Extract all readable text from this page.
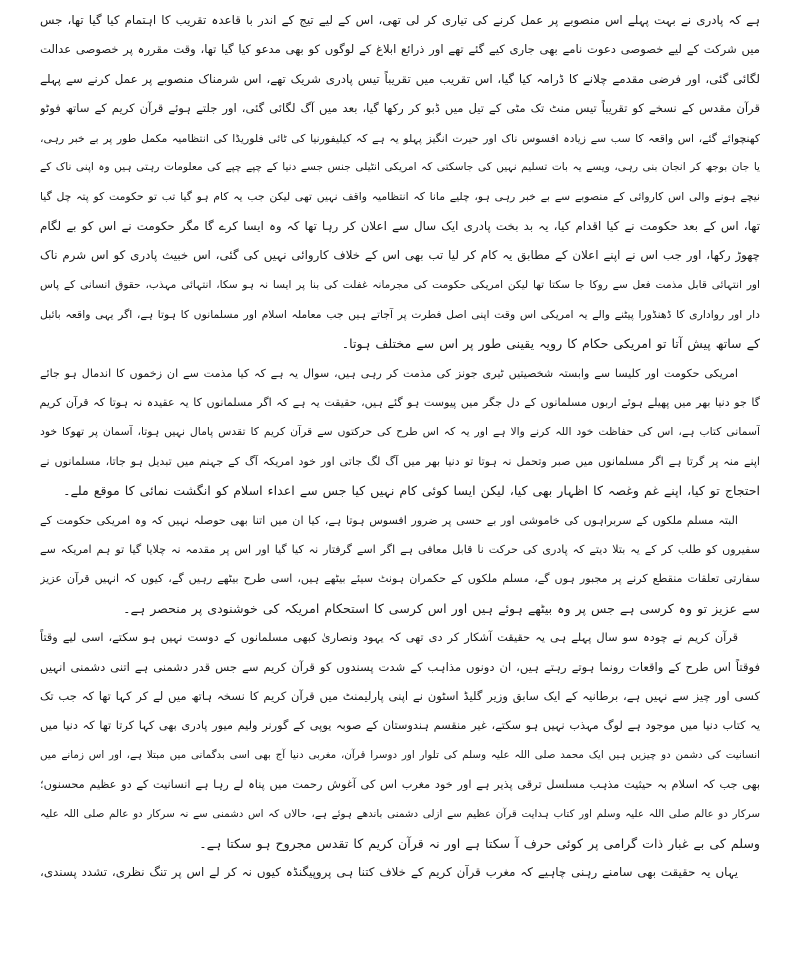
ہے کہ پادری نے بہت پہلے اس منصوبے پر عمل کرنے کی تیاری کر لی تھی، اس کے لیے تیج کے اندر با قاعدہ تقریب کا اہتمام کیا گیا تھا، جس
میں شرکت کے لیے خصوصی دعوت نامے بھی جاری کیے گئے تھے اور ذرائع ابلاغ کے لوگوں کو بھی مدعو کیا گیا تھا، وقت مقررہ پر خصوصی عدالت
لگائی گئی، اور فرضی مقدمے چلانے کا ڈرامہ کیا گیا، اس تقریب میں تقریباً تیس پادری شریک تھے، اس شرمناک منصوبے پر عمل کرنے سے پہلے
قرآن مقدس کے نسخے کو تقریباً تیس منٹ تک مٹی کے تیل میں ڈبو کر رکھا گیا، بعد میں آگ لگائی گئی، اور جلتے ہوئے قرآن کریم کے ساتھ فوٹو
کھنچوائے گئے، اس واقعہ کا سب سے زیادہ افسوس ناک اور حیرت انگیز پہلو یہ ہے کہ کیلیفورنیا کی ٹائی فلوریڈا کی انتظامیہ مکمل طور پر بے خبر رہی،
یا جان بوجھ کر انجان بنی رہی، ویسے یہ بات تسلیم نہیں کی جاسکتی کہ امریکی انٹیلی جنس جسے دنیا کے چپے چپے کی معلومات رہتی ہیں وہ اپنی ناک کے
نیچے ہونے والی اس کاروائی کے منصوبے سے بے خبر رہی ہو، چلیے مانا کہ انتظامیہ واقف نہیں تھی لیکن جب یہ کام ہو گیا تب تو حکومت کو پتہ چل گیا
تھا، اس کے بعد حکومت نے کیا اقدام کیا، یہ بد بخت پادری ایک سال سے اعلان کر رہا تھا کہ وہ ایسا کرے گا مگر حکومت نے اس کو بے لگام
چھوڑ رکھا، اور جب اس نے اپنے اعلان کے مطابق یہ کام کر لیا تب بھی اس کے خلاف کاروائی نہیں کی گئی، اس خبیث پادری کو اس شرم ناک
اور انتہائی قابل مذمت فعل سے روکا جا سکتا تھا لیکن امریکی حکومت کی مجرمانہ غفلت کی بنا پر ایسا نہ ہو سکا، انتہائی مہذب، حقوق انسانی کے پاس
دار اور رواداری کا ڈھنڈورا پیٹنے والے یہ امریکی اس وقت اپنی اصل فطرت پر آجاتے ہیں جب معاملہ اسلام اور مسلمانوں کا ہوتا ہے، اگر یہی واقعہ بائبل
کے ساتھ پیش آتا تو امریکی حکام کا رویہ یقینی طور پر اس سے مختلف ہوتا۔
امریکی حکومت اور کلیسا سے وابستہ شخصیتیں ٹیری جونز کی مذمت کر رہی ہیں، سوال یہ ہے کہ کیا مذمت سے ان زخموں کا اندمال ہو جائے
گا جو دنیا بھر میں پھیلے ہوئے اربوں مسلمانوں کے دل جگر میں پیوست ہو گئے ہیں، حقیقت یہ ہے کہ اگر مسلمانوں کا یہ عقیدہ نہ ہوتا کہ قرآن کریم
آسمانی کتاب ہے، اس کی حفاظت خود اللہ کرنے والا ہے اور یہ کہ اس طرح کی حرکتوں سے قرآن کریم کا تقدس پامال نہیں ہوتا، آسمان پر تھوکا خود
اپنے منہ پر گرتا ہے اگر مسلمانوں میں صبر وتحمل نہ ہوتا تو دنیا بھر میں آگ لگ جاتی اور خود امریکہ آگ کے جہنم میں تبدیل ہو جاتا، مسلمانوں نے
احتجاج تو کیا، اپنے غم وغصہ کا اظہار بھی کیا، لیکن ایسا کوئی کام نہیں کیا جس سے اعداء اسلام کو انگشت نمائی کا موقع ملے۔
البتہ مسلم ملکوں کے سربراہوں کی خاموشی اور بے حسی پر ضرور افسوس ہوتا ہے، کیا ان میں اتنا بھی حوصلہ نہیں کہ وہ امریکی حکومت کے
سفیروں کو طلب کر کے یہ بتلا دیتے کہ پادری کی حرکت نا قابل معافی ہے اگر اسے گرفتار نہ کیا گیا اور اس پر مقدمہ نہ چلایا گیا تو ہم امریکہ سے
سفارتی تعلقات منقطع کرنے پر مجبور ہوں گے، مسلم ملکوں کے حکمران ہونٹ سیئے بیٹھے ہیں، اسی طرح بیٹھے رہیں گے، کیوں کہ انہیں قرآن عزیز
سے عزیز تو وہ کرسی ہے جس پر وہ بیٹھے ہوئے ہیں اور اس کرسی کا استحکام امریکہ کی خوشنودی پر منحصر ہے۔
قرآن کریم نے چودہ سو سال پہلے ہی یہ حقیقت آشکار کر دی تھی کہ یہود ونصاریٰ کبھی مسلمانوں کے دوست نہیں ہو سکتے، اسی لیے وقتاً
فوقتاً اس طرح کے واقعات رونما ہوتے رہتے ہیں، ان دونوں مذاہب کے شدت پسندوں کو قرآن کریم سے جس قدر دشمنی ہے اتنی دشمنی انہیں
کسی اور چیز سے نہیں ہے، برطانیہ کے ایک سابق وزیر گلیڈ اسٹون نے اپنی پارلیمنٹ میں قرآن کریم کا نسخہ ہاتھ میں لے کر کہا تھا کہ جب تک
یہ کتاب دنیا میں موجود ہے لوگ مہذب نہیں ہو سکتے، غیر منقسم ہندوستان کے صوبہ یوپی کے گورنر ولیم میور پادری بھی کہا کرتا تھا کہ دنیا میں
انسانیت کی دشمن دو چیزیں ہیں ایک محمد صلی اللہ علیہ وسلم کی تلوار اور دوسرا قرآن، مغربی دنیا آج بھی اسی بدگمانی میں مبتلا ہے، اور اس زمانے میں
بھی جب کہ اسلام بہ حیثیت مذہب مسلسل ترقی پذیر ہے اور خود مغرب اس کی آغوش رحمت میں پناہ لے رہا ہے انسانیت کے دو عظیم محسنوں؛
سرکار دو عالم صلی اللہ علیہ وسلم اور کتاب ہدایت قرآن عظیم سے ازلی دشمنی باندھے ہوئے ہے، حالاں کہ اس دشمنی سے نہ سرکار دو عالم صلی اللہ علیہ
وسلم کی بے غبار ذات گرامی پر کوئی حرف آ سکتا ہے اور نہ قرآن کریم کا تقدس مجروح ہو سکتا ہے۔
یہاں یہ حقیقت بھی سامنے رہنی چاہیے کہ مغرب قرآن کریم کے خلاف کتنا ہی پروپیگنڈہ کیوں نہ کر لے اس پر تنگ نظری، تشدد پسندی،
